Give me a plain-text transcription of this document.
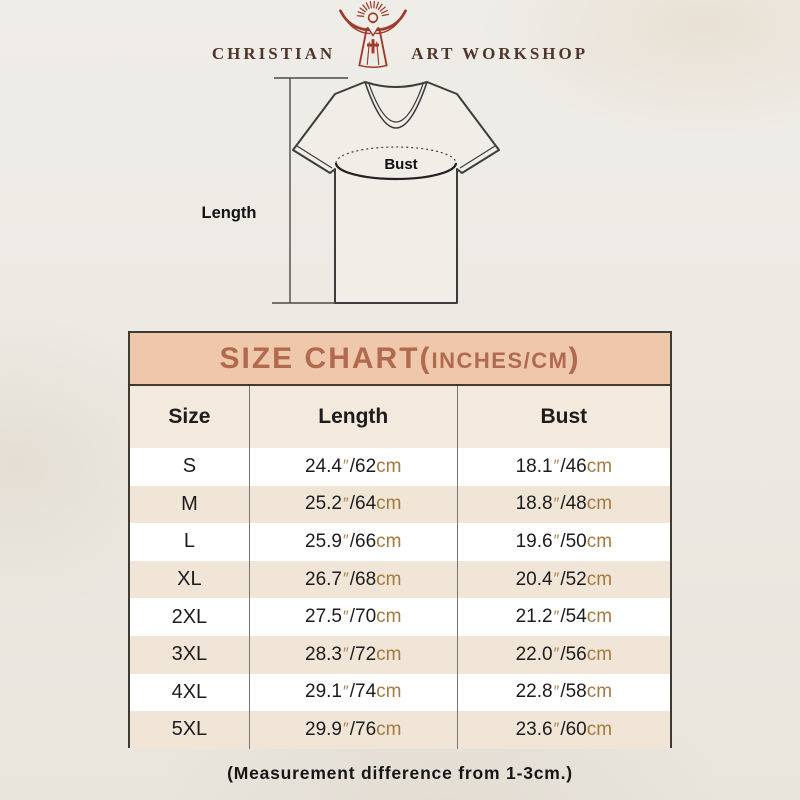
CHRISTIAN	ART WORKSHOP
Bust
Length
SIZE CHART( INCHES/CM )
Size	Length	Bust
S	24.4 ″ /62 cm	18.1 ″ /46 cm
M	25.2 ″ /64 cm	18.8 ″ /48 cm
L	25.9 ″ /66 cm	19.6 ″ /50 cm
XL	26.7 ″ /68 cm	20.4 ″ /52 cm
2XL	27.5 ″ /70 cm	21.2 ″ /54 cm
3XL	28.3 ″ /72 cm	22.0 ″ /56 cm
4XL	29.1 ″ /74 cm	22.8 ″ /58 cm
5XL	29.9 ″ /76 cm	23.6 ″ /60 cm
(Measurement difference from 1-3cm.)
